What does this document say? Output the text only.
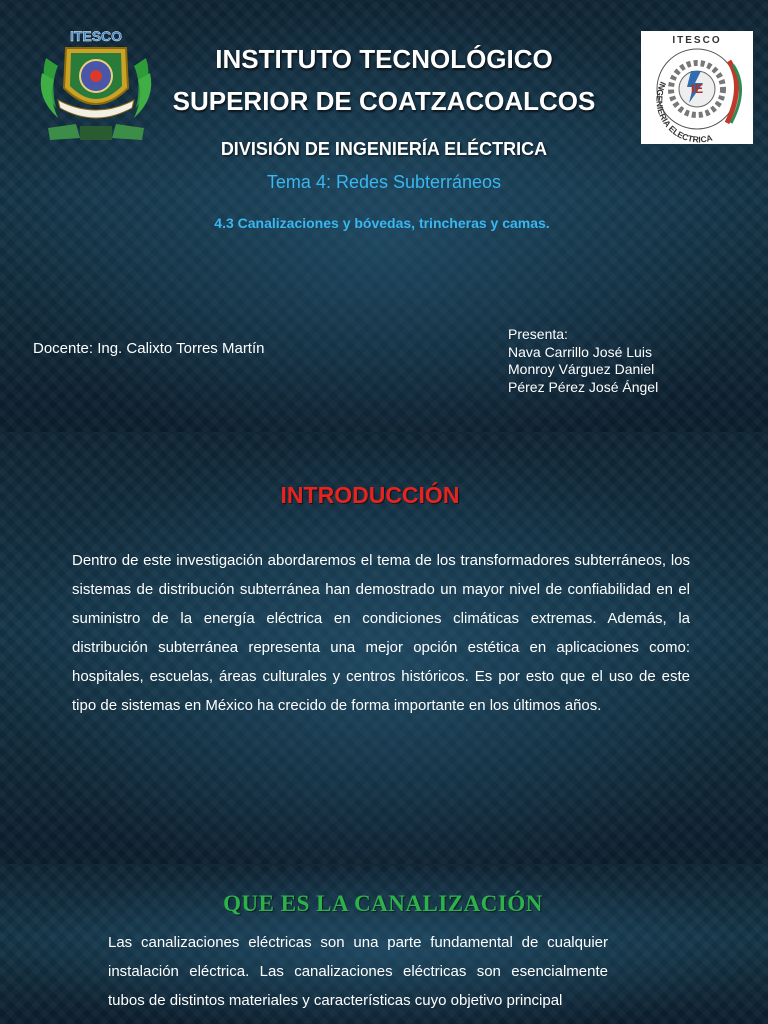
ITESCO	ITESCO
IE
INGENIERIA ELECTRICA
INSTITUTO TECNOLÓGICO
SUPERIOR DE COATZACOALCOS
DIVISIÓN DE INGENIERÍA ELÉCTRICA
Tema 4: Redes Subterráneos
4.3 Canalizaciones y bóvedas, trincheras y camas.
Docente: Ing. Calixto Torres Martín
Presenta:
Nava Carrillo José Luis
Monroy Várguez Daniel
Pérez Pérez José Ángel
INTRODUCCIÓN
Dentro de este investigación abordaremos el tema de los transformadores subterráneos, los sistemas de distribución subterránea han demostrado un mayor nivel de confiabilidad en el suministro de la energía eléctrica en condiciones climáticas extremas. Además, la distribución subterránea representa una mejor opción estética en aplicaciones como: hospitales, escuelas, áreas culturales y centros históricos. Es por esto que el uso de este tipo de sistemas en México ha crecido de forma importante en los últimos años.
QUE ES LA CANALIZACIÓN
Las canalizaciones eléctricas son una parte fundamental de cualquier instalación eléctrica. Las canalizaciones eléctricas son esencialmente tubos de distintos materiales y características cuyo objetivo principal
